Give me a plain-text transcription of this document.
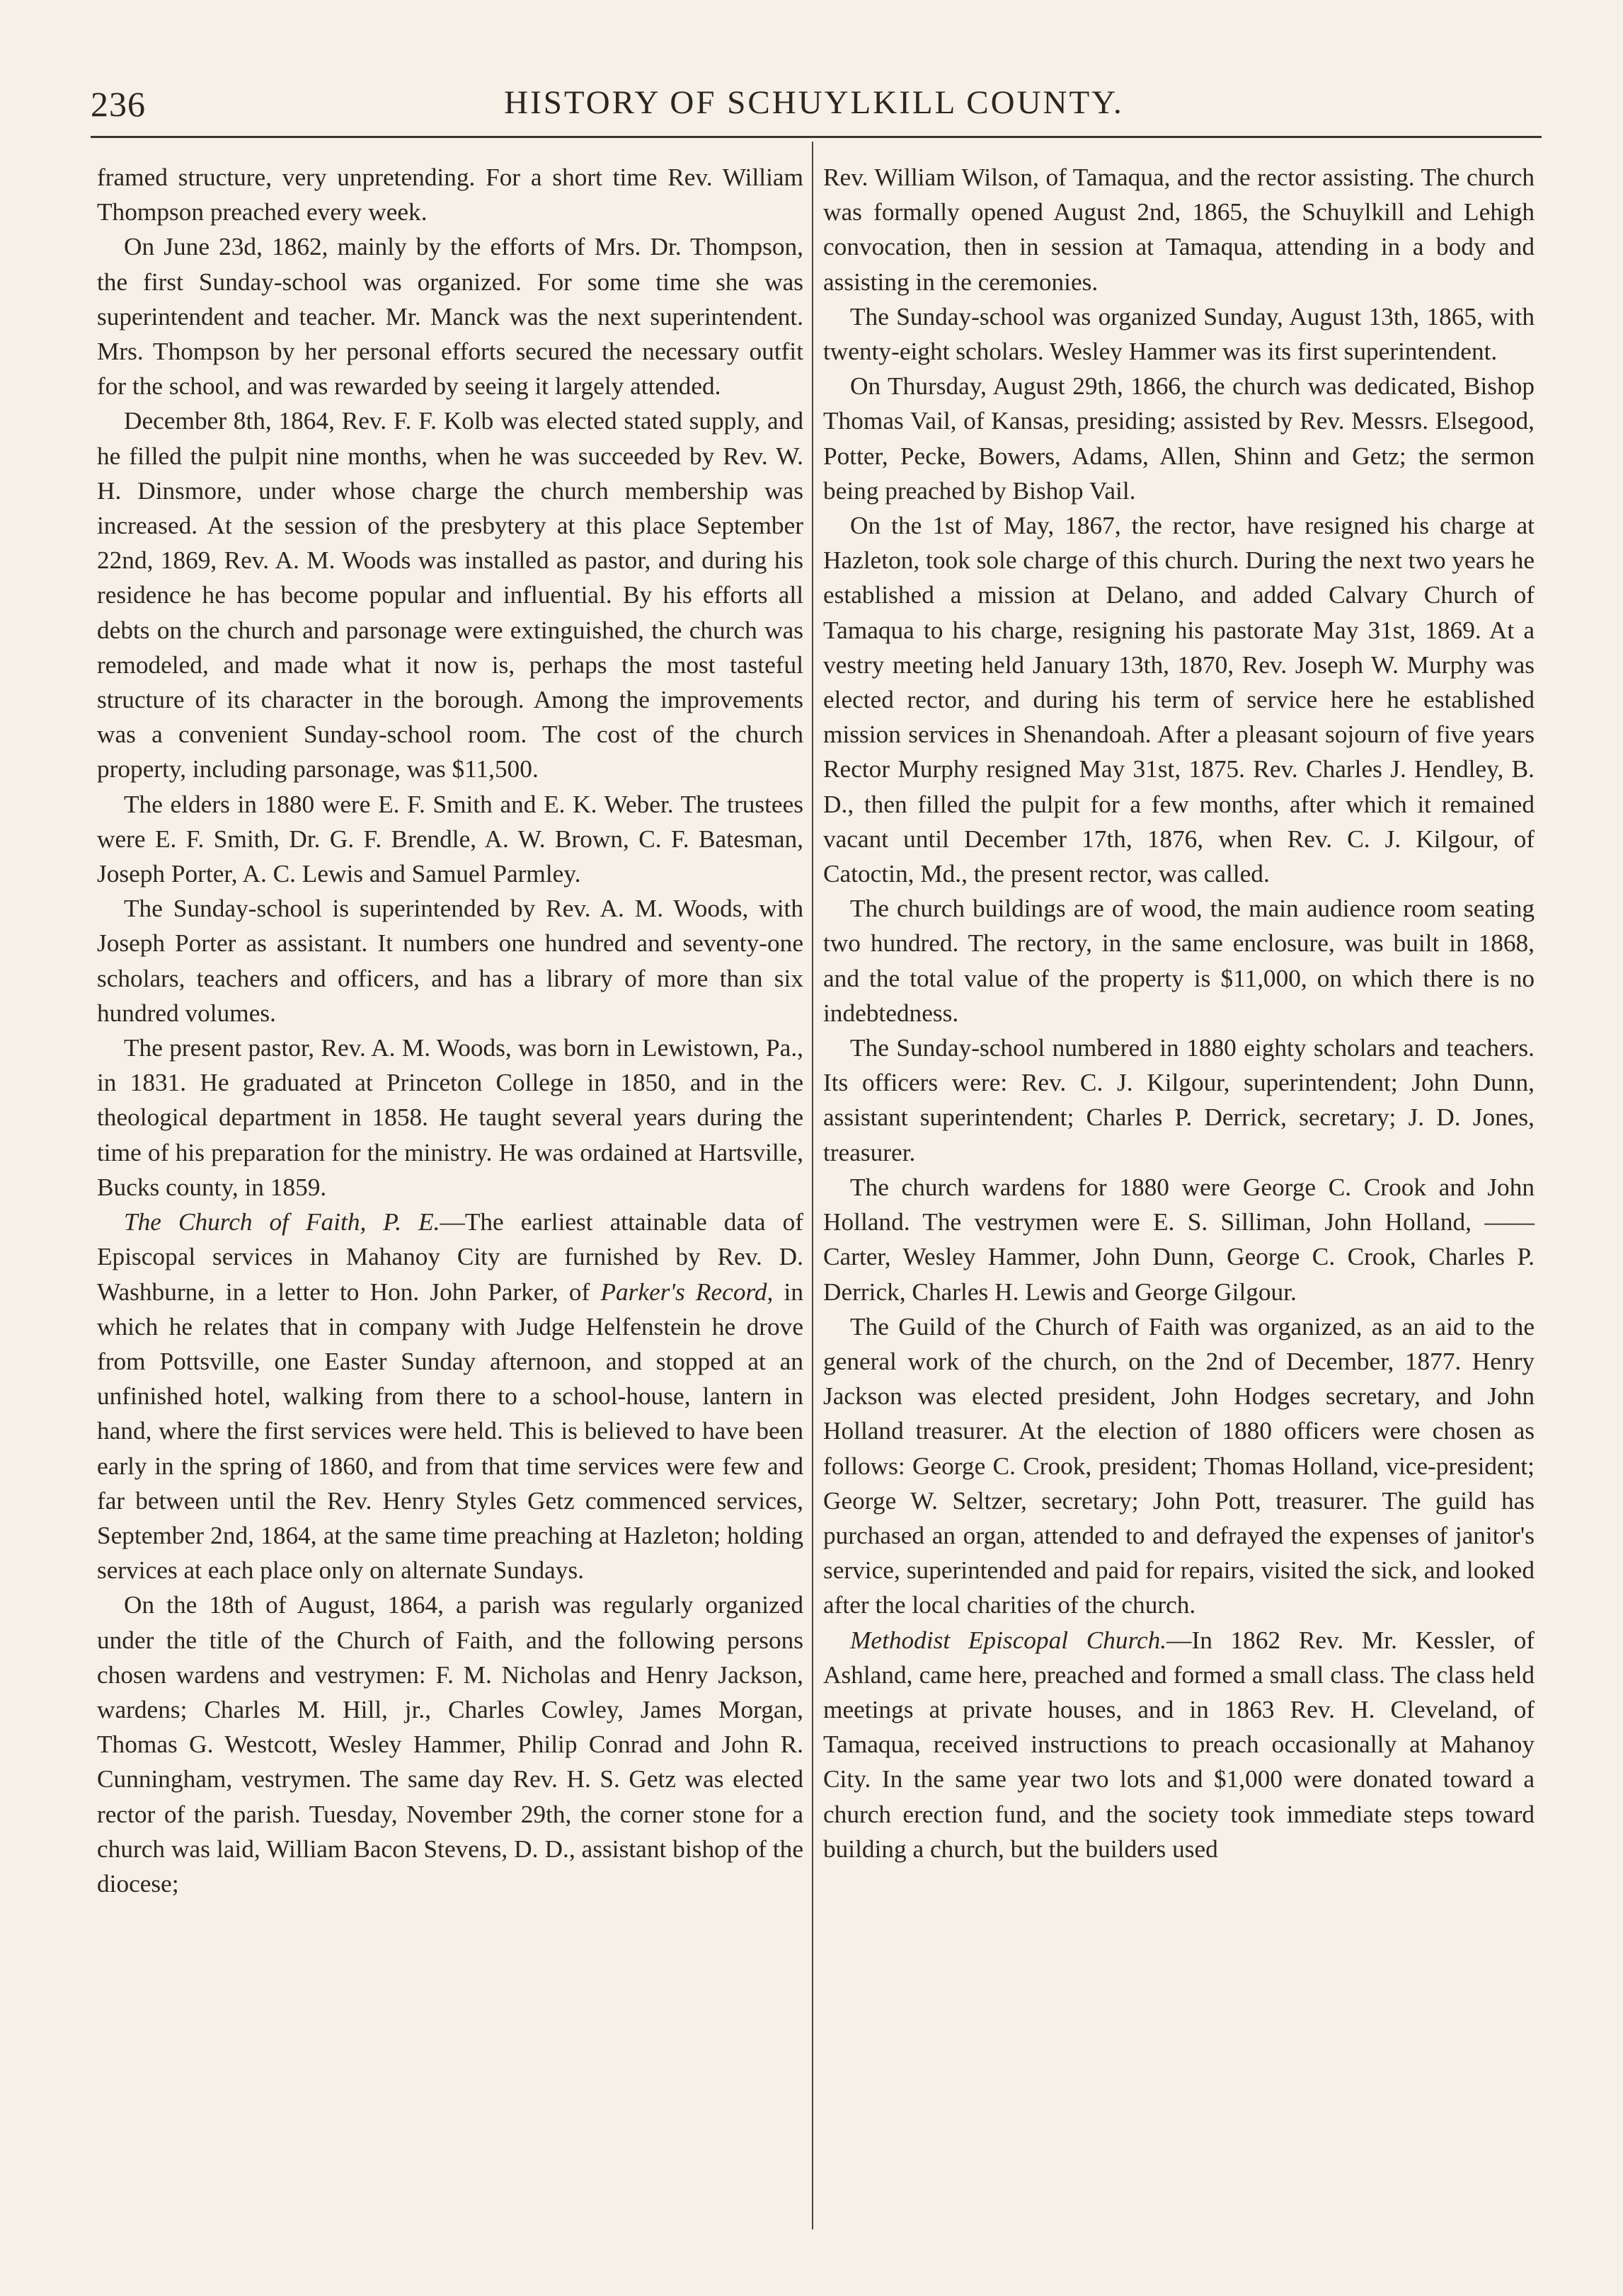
236	HISTORY OF SCHUYLKILL COUNTY.

framed structure, very unpretending. For a short time Rev. William Thompson preached every week.

On June 23d, 1862, mainly by the efforts of Mrs. Dr. Thompson, the first Sunday-school was organized. For some time she was superintendent and teacher. Mr. Manck was the next superintendent. Mrs. Thompson by her personal efforts secured the necessary outfit for the school, and was rewarded by seeing it largely attended.

December 8th, 1864, Rev. F. F. Kolb was elected stated supply, and he filled the pulpit nine months, when he was succeeded by Rev. W. H. Dinsmore, under whose charge the church membership was increased. At the session of the presbytery at this place September 22nd, 1869, Rev. A. M. Woods was installed as pastor, and during his residence he has become popular and influential. By his efforts all debts on the church and parsonage were extinguished, the church was remodeled, and made what it now is, perhaps the most tasteful structure of its character in the borough. Among the improvements was a convenient Sunday-school room. The cost of the church property, including parsonage, was $11,500.

The elders in 1880 were E. F. Smith and E. K. Weber. The trustees were E. F. Smith, Dr. G. F. Brendle, A. W. Brown, C. F. Batesman, Joseph Porter, A. C. Lewis and Samuel Parmley.

The Sunday-school is superintended by Rev. A. M. Woods, with Joseph Porter as assistant. It numbers one hundred and seventy-one scholars, teachers and officers, and has a library of more than six hundred volumes.

The present pastor, Rev. A. M. Woods, was born in Lewistown, Pa., in 1831. He graduated at Princeton College in 1850, and in the theological department in 1858. He taught several years during the time of his preparation for the ministry. He was ordained at Hartsville, Bucks county, in 1859.

The Church of Faith, P. E.—The earliest attainable data of Episcopal services in Mahanoy City are furnished by Rev. D. Washburne, in a letter to Hon. John Parker, of Parker's Record, in which he relates that in company with Judge Helfenstein he drove from Pottsville, one Easter Sunday afternoon, and stopped at an unfinished hotel, walking from there to a school-house, lantern in hand, where the first services were held. This is believed to have been early in the spring of 1860, and from that time services were few and far between until the Rev. Henry Styles Getz commenced services, September 2nd, 1864, at the same time preaching at Hazleton; holding services at each place only on alternate Sundays.

On the 18th of August, 1864, a parish was regularly organized under the title of the Church of Faith, and the following persons chosen wardens and vestrymen: F. M. Nicholas and Henry Jackson, wardens; Charles M. Hill, jr., Charles Cowley, James Morgan, Thomas G. Westcott, Wesley Hammer, Philip Conrad and John R. Cunningham, vestrymen. The same day Rev. H. S. Getz was elected rector of the parish. Tuesday, November 29th, the corner stone for a church was laid, William Bacon Stevens, D. D., assistant bishop of the diocese;

Rev. William Wilson, of Tamaqua, and the rector assisting. The church was formally opened August 2nd, 1865, the Schuylkill and Lehigh convocation, then in session at Tamaqua, attending in a body and assisting in the ceremonies.

The Sunday-school was organized Sunday, August 13th, 1865, with twenty-eight scholars. Wesley Hammer was its first superintendent.

On Thursday, August 29th, 1866, the church was dedicated, Bishop Thomas Vail, of Kansas, presiding; assisted by Rev. Messrs. Elsegood, Potter, Pecke, Bowers, Adams, Allen, Shinn and Getz; the sermon being preached by Bishop Vail.

On the 1st of May, 1867, the rector, have resigned his charge at Hazleton, took sole charge of this church. During the next two years he established a mission at Delano, and added Calvary Church of Tamaqua to his charge, resigning his pastorate May 31st, 1869. At a vestry meeting held January 13th, 1870, Rev. Joseph W. Murphy was elected rector, and during his term of service here he established mission services in Shenandoah. After a pleasant sojourn of five years Rector Murphy resigned May 31st, 1875. Rev. Charles J. Hendley, B. D., then filled the pulpit for a few months, after which it remained vacant until December 17th, 1876, when Rev. C. J. Kilgour, of Catoctin, Md., the present rector, was called.

The church buildings are of wood, the main audience room seating two hundred. The rectory, in the same enclosure, was built in 1868, and the total value of the property is $11,000, on which there is no indebtedness.

The Sunday-school numbered in 1880 eighty scholars and teachers. Its officers were: Rev. C. J. Kilgour, superintendent; John Dunn, assistant superintendent; Charles P. Derrick, secretary; J. D. Jones, treasurer.

The church wardens for 1880 were George C. Crook and John Holland. The vestrymen were E. S. Silliman, John Holland, —— Carter, Wesley Hammer, John Dunn, George C. Crook, Charles P. Derrick, Charles H. Lewis and George Gilgour.

The Guild of the Church of Faith was organized, as an aid to the general work of the church, on the 2nd of December, 1877. Henry Jackson was elected president, John Hodges secretary, and John Holland treasurer. At the election of 1880 officers were chosen as follows: George C. Crook, president; Thomas Holland, vice-president; George W. Seltzer, secretary; John Pott, treasurer. The guild has purchased an organ, attended to and defrayed the expenses of janitor's service, superintended and paid for repairs, visited the sick, and looked after the local charities of the church.

Methodist Episcopal Church.—In 1862 Rev. Mr. Kessler, of Ashland, came here, preached and formed a small class. The class held meetings at private houses, and in 1863 Rev. H. Cleveland, of Tamaqua, received instructions to preach occasionally at Mahanoy City. In the same year two lots and $1,000 were donated toward a church erection fund, and the society took immediate steps toward building a church, but the builders used
